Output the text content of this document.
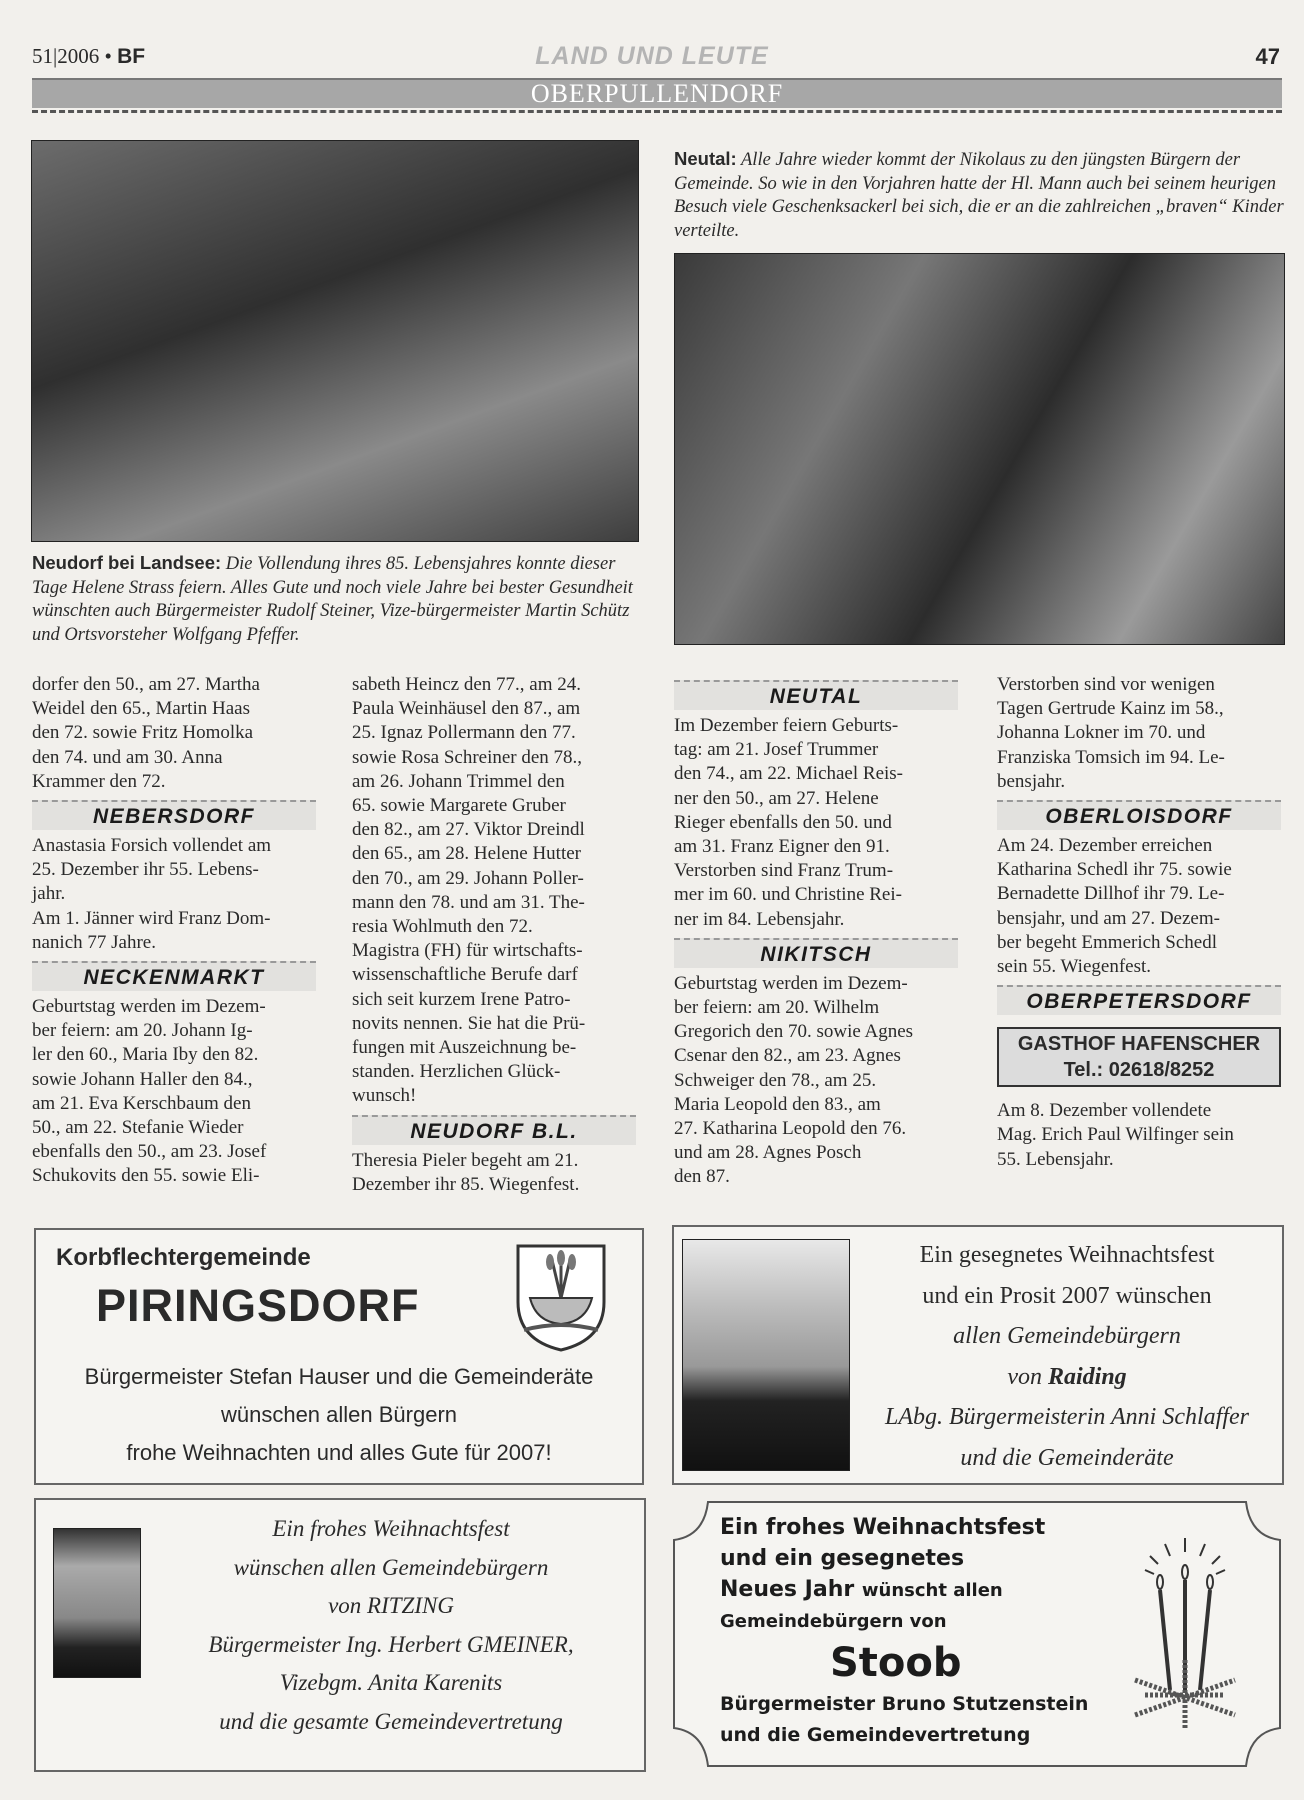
LAND UND LEUTE
51|2006 • BF	47
OBERPULLENDORF
Neudorf bei Landsee: Die Vollendung ihres 85. Lebensjahres konnte dieser Tage Helene Strass feiern. Alles Gute und noch viele Jahre bei bester Gesundheit wünschten auch Bürgermeister Rudolf Steiner, Vize-bürgermeister Martin Schütz und Ortsvorsteher Wolfgang Pfeffer.
Neutal: Alle Jahre wieder kommt der Nikolaus zu den jüngsten Bürgern der Gemeinde. So wie in den Vorjahren hatte der Hl. Mann auch bei seinem heurigen Besuch viele Geschenksackerl bei sich, die er an die zahlreichen „braven“ Kinder verteilte.

dorfer den 50., am 27. Martha
Weidel den 65., Martin Haas
den 72. sowie Fritz Homolka
den 74. und am 30. Anna
Krammer den 72.

NEBERSDORF

Anastasia Forsich vollendet am
25. Dezember ihr 55. Lebens-
jahr.
Am 1. Jänner wird Franz Dom-
nanich 77 Jahre.

NECKENMARKT

Geburtstag werden im Dezem-
ber feiern: am 20. Johann Ig-
ler den 60., Maria Iby den 82.
sowie Johann Haller den 84.,
am 21. Eva Kerschbaum den
50., am 22. Stefanie Wieder
ebenfalls den 50., am 23. Josef
Schukovits den 55. sowie Eli-

sabeth Heincz den 77., am 24.
Paula Weinhäusel den 87., am
25. Ignaz Pollermann den 77.
sowie Rosa Schreiner den 78.,
am 26. Johann Trimmel den
65. sowie Margarete Gruber
den 82., am 27. Viktor Dreindl
den 65., am 28. Helene Hutter
den 70., am 29. Johann Poller-
mann den 78. und am 31. The-
resia Wohlmuth den 72.
Magistra (FH) für wirtschafts-
wissenschaftliche Berufe darf
sich seit kurzem Irene Patro-
novits nennen. Sie hat die Prü-
fungen mit Auszeichnung be-
standen. Herzlichen Glück-
wunsch!

NEUDORF B.L.

Theresia Pieler begeht am 21.
Dezember ihr 85. Wiegenfest.

NEUTAL

Im Dezember feiern Geburts-
tag: am 21. Josef Trummer
den 74., am 22. Michael Reis-
ner den 50., am 27. Helene
Rieger ebenfalls den 50. und
am 31. Franz Eigner den 91.
Verstorben sind Franz Trum-
mer im 60. und Christine Rei-
ner im 84. Lebensjahr.

NIKITSCH

Geburtstag werden im Dezem-
ber feiern: am 20. Wilhelm
Gregorich den 70. sowie Agnes
Csenar den 82., am 23. Agnes
Schweiger den 78., am 25.
Maria Leopold den 83., am
27. Katharina Leopold den 76.
und am 28. Agnes Posch
den 87.

Verstorben sind vor wenigen
Tagen Gertrude Kainz im 58.,
Johanna Lokner im 70. und
Franziska Tomsich im 94. Le-
bensjahr.

OBERLOISDORF

Am 24. Dezember erreichen
Katharina Schedl ihr 75. sowie
Bernadette Dillhof ihr 79. Le-
bensjahr, und am 27. Dezem-
ber begeht Emmerich Schedl
sein 55. Wiegenfest.

OBERPETERSDORF
GASTHOF HAFENSCHER
Tel.: 02618/8252

Am 8. Dezember vollendete
Mag. Erich Paul Wilfinger sein
55. Lebensjahr.

Korbflechtergemeinde
PIRINGSDORF
Bürgermeister Stefan Hauser und die Gemeinderäte
wünschen allen Bürgern
frohe Weihnachten und alles Gute für 2007!
Ein gesegnetes Weihnachtsfest
und ein Prosit 2007 wünschen
allen Gemeindebürgern
von Raiding
LAbg. Bürgermeisterin Anni Schlaffer
und die Gemeinderäte
Ein frohes Weihnachtsfest
wünschen allen Gemeindebürgern
von RITZING
Bürgermeister Ing. Herbert GMEINER,
Vizebgm. Anita Karenits
und die gesamte Gemeindevertretung
Ein frohes Weihnachtsfest
und ein gesegnetes
Neues Jahr wünscht allen
Gemeindebürgern von
Stoob
Bürgermeister Bruno Stutzenstein
und die Gemeindevertretung
